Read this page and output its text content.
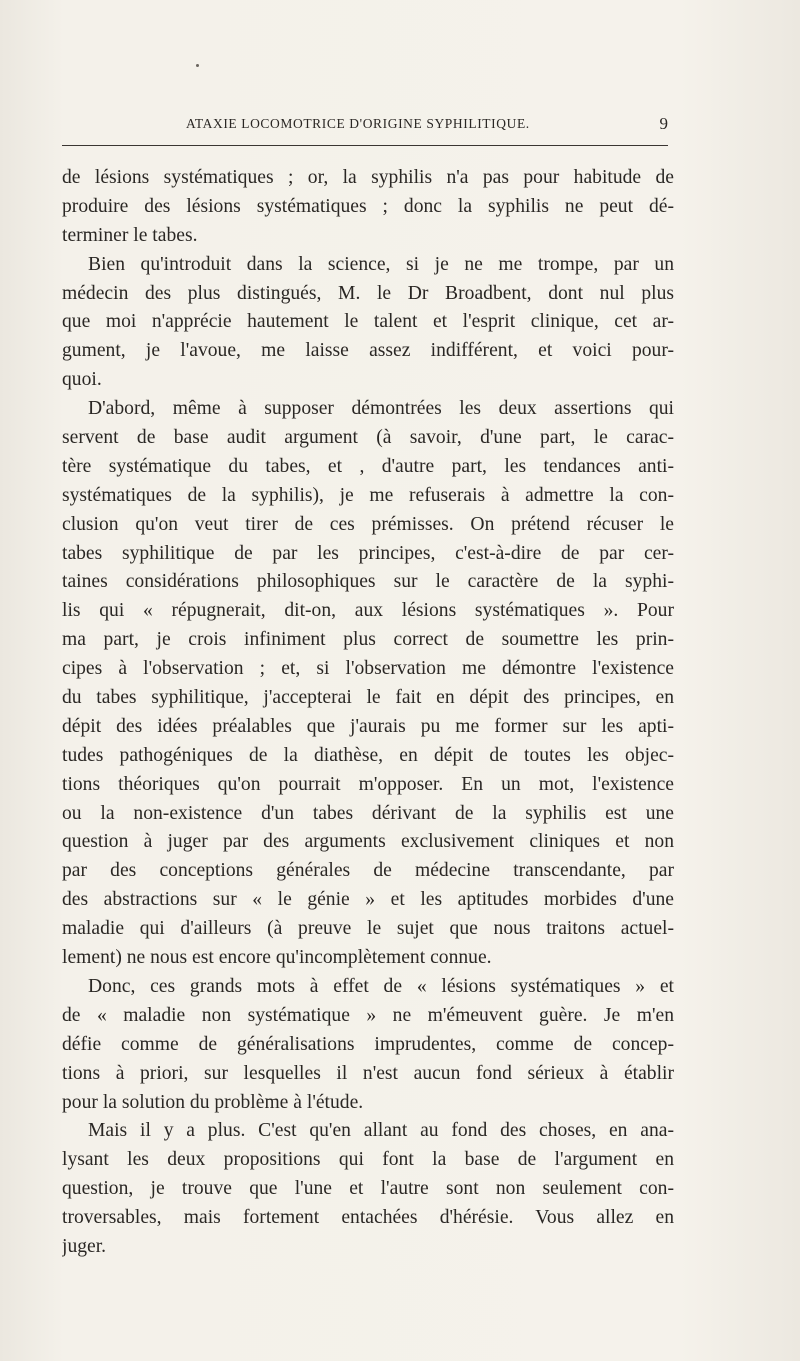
ATAXIE LOCOMOTRICE D'ORIGINE SYPHILITIQUE.	9
de lésions systématiques ; or, la syphilis n'a pas pour habitude de
produire des lésions systématiques ; donc la syphilis ne peut dé-
terminer le tabes.
Bien qu'introduit dans la science, si je ne me trompe, par un
médecin des plus distingués, M. le Dr Broadbent, dont nul plus
que moi n'apprécie hautement le talent et l'esprit clinique, cet ar-
gument, je l'avoue, me laisse assez indifférent, et voici pour-
quoi.
D'abord, même à supposer démontrées les deux assertions qui
servent de base audit argument (à savoir, d'une part, le carac-
tère systématique du tabes, et , d'autre part, les tendances anti-
systématiques de la syphilis), je me refuserais à admettre la con-
clusion qu'on veut tirer de ces prémisses. On prétend récuser le
tabes syphilitique de par les principes, c'est-à-dire de par cer-
taines considérations philosophiques sur le caractère de la syphi-
lis qui « répugnerait, dit-on, aux lésions systématiques ». Pour
ma part, je crois infiniment plus correct de soumettre les prin-
cipes à l'observation ; et, si l'observation me démontre l'existence
du tabes syphilitique, j'accepterai le fait en dépit des principes, en
dépit des idées préalables que j'aurais pu me former sur les apti-
tudes pathogéniques de la diathèse, en dépit de toutes les objec-
tions théoriques qu'on pourrait m'opposer. En un mot, l'existence
ou la non-existence d'un tabes dérivant de la syphilis est une
question à juger par des arguments exclusivement cliniques et non
par des conceptions générales de médecine transcendante, par
des abstractions sur « le génie » et les aptitudes morbides d'une
maladie qui d'ailleurs (à preuve le sujet que nous traitons actuel-
lement) ne nous est encore qu'incomplètement connue.
Donc, ces grands mots à effet de « lésions systématiques » et
de « maladie non systématique » ne m'émeuvent guère. Je m'en
défie comme de généralisations imprudentes, comme de concep-
tions à priori, sur lesquelles il n'est aucun fond sérieux à établir
pour la solution du problème à l'étude.
Mais il y a plus. C'est qu'en allant au fond des choses, en ana-
lysant les deux propositions qui font la base de l'argument en
question, je trouve que l'une et l'autre sont non seulement con-
troversables, mais fortement entachées d'hérésie. Vous allez en
juger.
